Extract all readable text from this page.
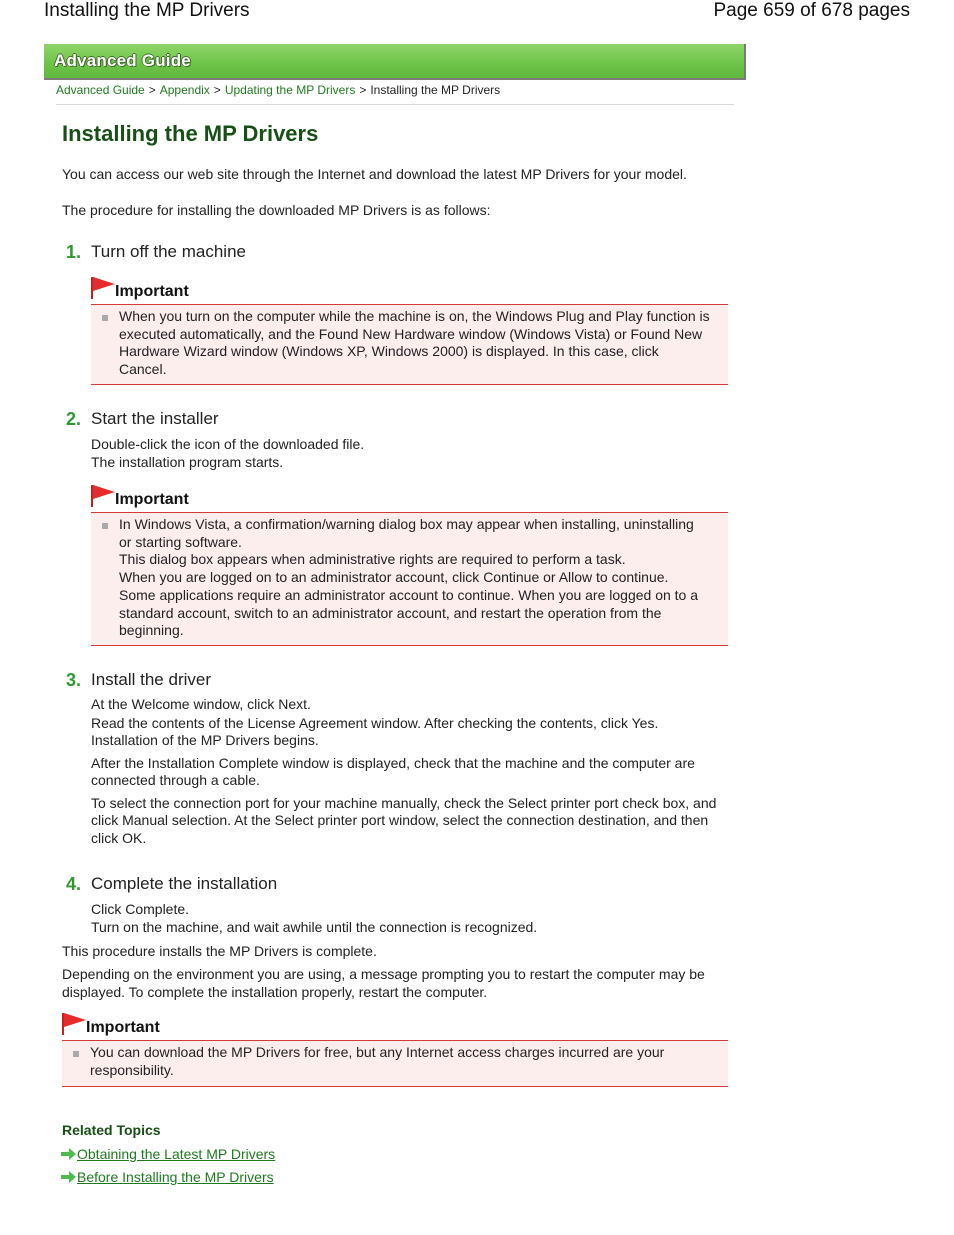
Installing the MP Drivers	Page 659 of 678 pages
Advanced Guide
Advanced Guide > Appendix > Updating the MP Drivers > Installing the MP Drivers
Installing the MP Drivers

You can access our web site through the Internet and download the latest MP Drivers for your model.

The procedure for installing the downloaded MP Drivers is as follows:

1. Turn off the machine
Important
When you turn on the computer while the machine is on, the Windows Plug and Play function is
executed automatically, and the Found New Hardware window (Windows Vista) or Found New
Hardware Wizard window (Windows XP, Windows 2000) is displayed. In this case, click
Cancel.
2. Start the installer
Double-click the icon of the downloaded file.
The installation program starts.
Important
In Windows Vista, a confirmation/warning dialog box may appear when installing, uninstalling
or starting software.
This dialog box appears when administrative rights are required to perform a task.
When you are logged on to an administrator account, click Continue or Allow to continue.
Some applications require an administrator account to continue. When you are logged on to a
standard account, switch to an administrator account, and restart the operation from the
beginning.
3. Install the driver
At the Welcome window, click Next.
Read the contents of the License Agreement window. After checking the contents, click Yes.
Installation of the MP Drivers begins.
After the Installation Complete window is displayed, check that the machine and the computer are
connected through a cable.
To select the connection port for your machine manually, check the Select printer port check box, and
click Manual selection. At the Select printer port window, select the connection destination, and then
click OK.
4. Complete the installation
Click Complete.
Turn on the machine, and wait awhile until the connection is recognized.

This procedure installs the MP Drivers is complete.

Depending on the environment you are using, a message prompting you to restart the computer may be
displayed. To complete the installation properly, restart the computer.
Important
You can download the MP Drivers for free, but any Internet access charges incurred are your
responsibility.
Related Topics
Obtaining the Latest MP Drivers
Before Installing the MP Drivers
